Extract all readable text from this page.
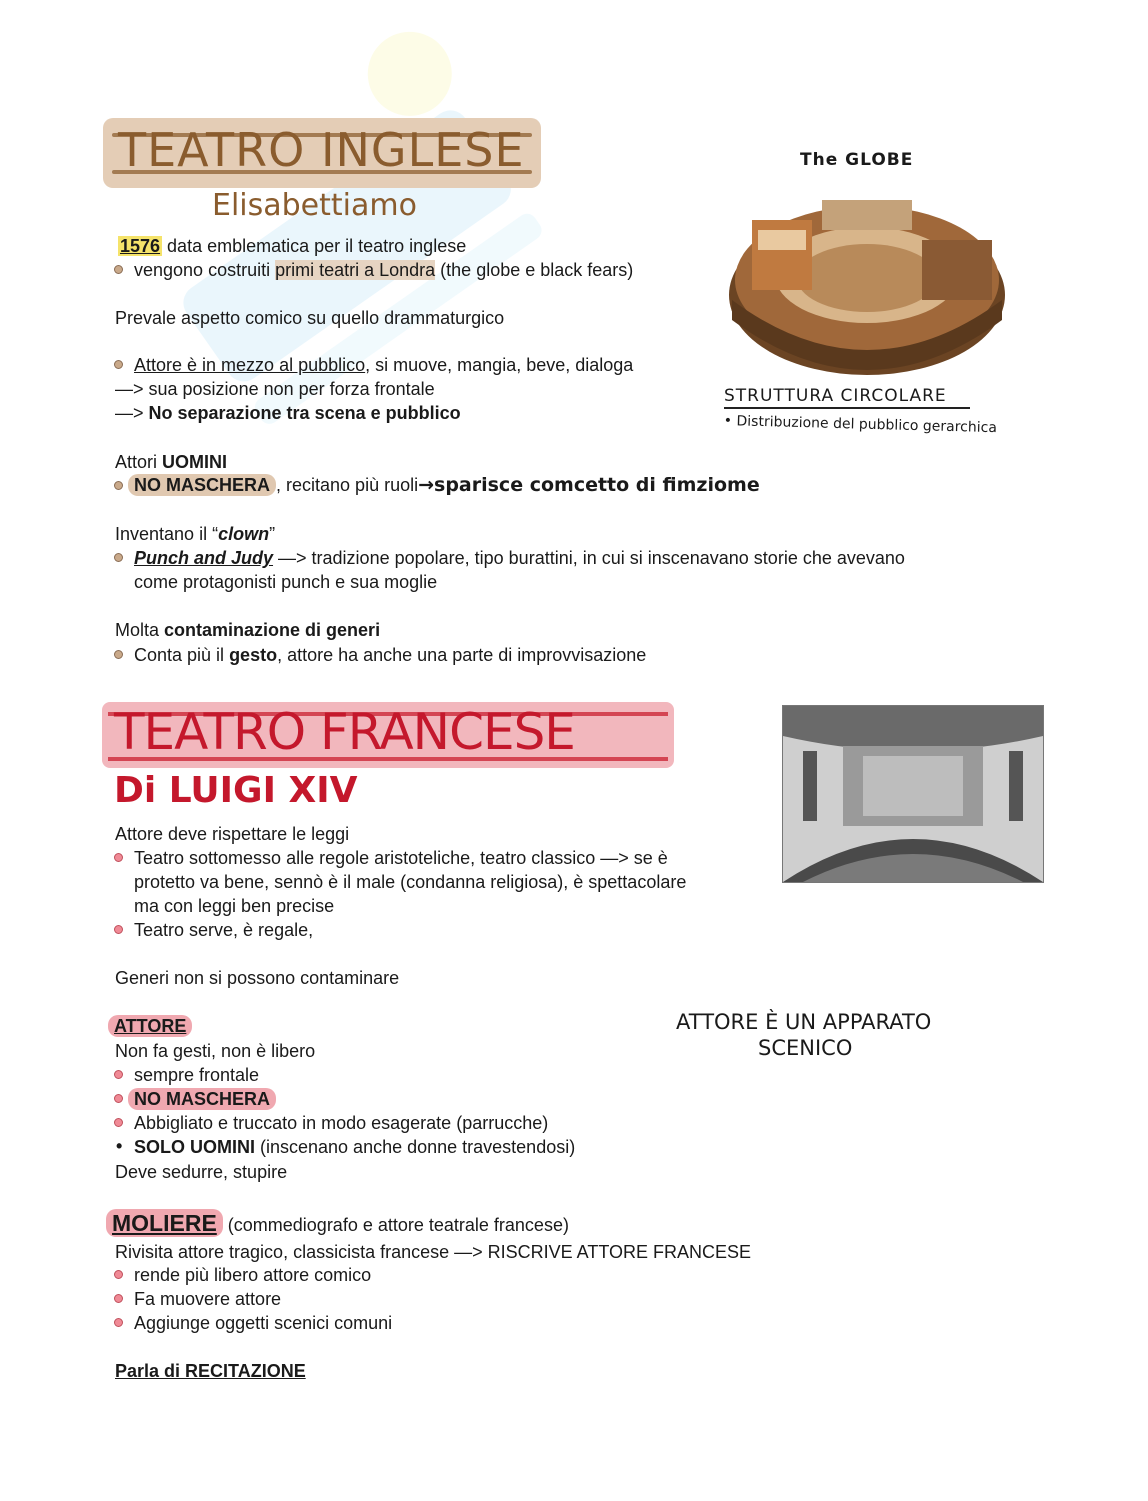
TEATRO INGLESE
Elisabettiamo
1576 data emblematica per il teatro inglese
vengono costruiti primi teatri a Londra (the globe e black fears)
Prevale aspetto comico su quello drammaturgico
Attore è in mezzo al pubblico, si muove, mangia, beve, dialoga
—> sua posizione non per forza frontale
—> No separazione tra scena e pubblico
Attori UOMINI
NO MASCHERA , recitano più ruoli→sparisce comcetto di fimziome
Inventano il “clown”
Punch and Judy —> tradizione popolare, tipo burattini, in cui si inscenavano storie che avevano
come protagonisti punch e sua moglie
Molta contaminazione di generi
Conta più il gesto, attore ha anche una parte di improvvisazione
The GLOBE
STRUTTURA CIRCOLARE
• Distribuzione del pubblico gerarchica
TEATRO FRANCESE
Di LUIGI XIV
Attore deve rispettare le leggi
Teatro sottomesso alle regole aristoteliche, teatro classico —> se è
protetto va bene, sennò è il male (condanna religiosa), è spettacolare
ma con leggi ben precise
Teatro serve, è regale,
Generi non si possono contaminare
ATTORE
Non fa gesti, non è libero
sempre frontale
NO MASCHERA
Abbigliato e truccato in modo esagerate (parrucche)
• SOLO UOMINI (inscenano anche donne travestendosi)
Deve sedurre, stupire
ATTORE È UN APPARATO
SCENICO
MOLIERE (commediografo e attore teatrale francese)
Rivisita attore tragico, classicista francese —> RISCRIVE ATTORE FRANCESE
rende più libero attore comico
Fa muovere attore
Aggiunge oggetti scenici comuni
Parla di RECITAZIONE
